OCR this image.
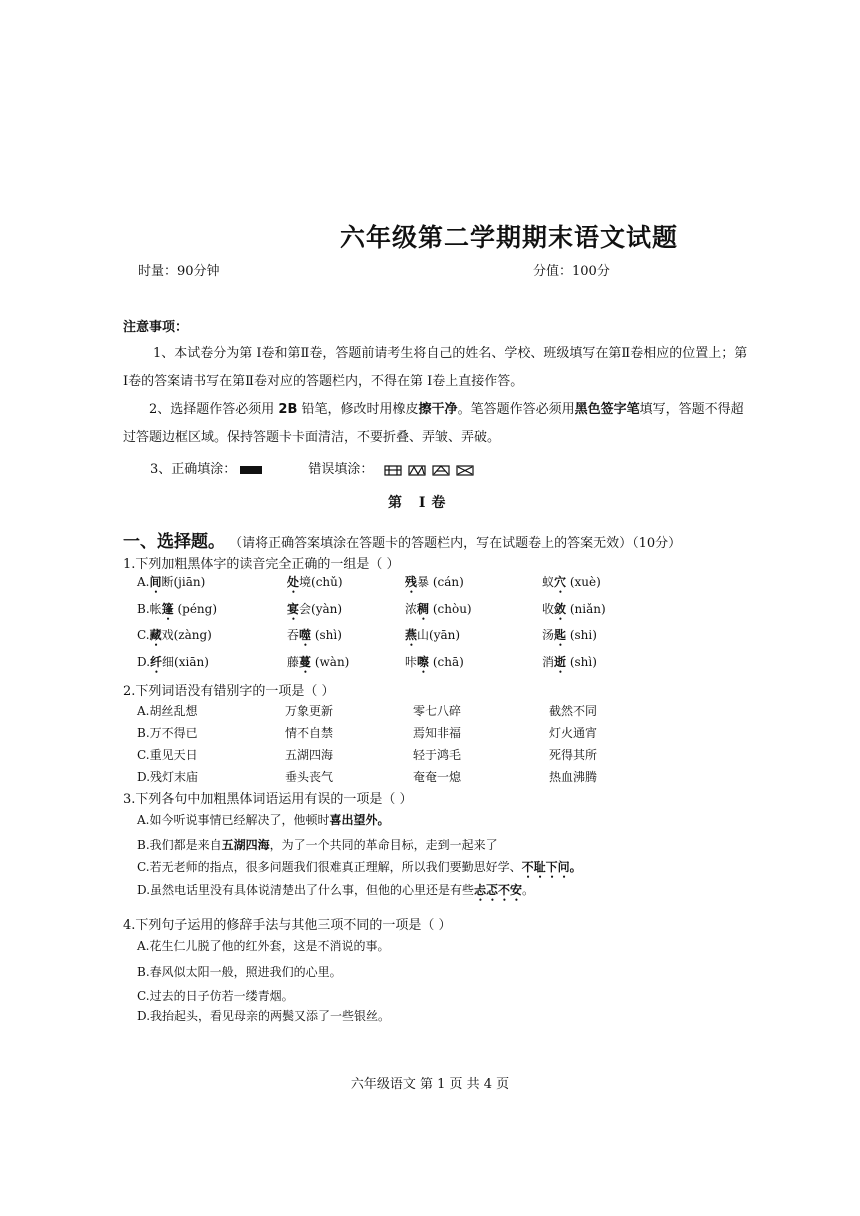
六年级第二学期期末语文试题
时量：90分钟	分值：100分
注意事项：
1、本试卷分为第 Ⅰ卷和第Ⅱ卷，答题前请考生将自己的姓名、学校、班级填写在第Ⅱ卷相应的位置上；第 Ⅰ卷的答案请书写在第Ⅱ卷对应的答题栏内，不得在第 Ⅰ卷上直接作答。
2、选择题作答必须用 2B 铅笔，修改时用橡皮擦干净。笔答题作答必须用黑色签字笔填写，答题不得超过答题边框区域。保持答题卡卡面清洁，不要折叠、弄皱、弄破。
3、正确填涂：	错误填涂：
第 Ⅰ卷
一、选择题。 （请将正确答案填涂在答题卡的答题栏内，写在试题卷上的答案无效）（10分）
1.下列加粗黑体字的读音完全正确的一组是（ ）
A.间断(jiān)	处境(chǔ)	残暴 (cán)	蚁穴 (xuè)
B.帐篷 (péng)	宴会(yàn)	浓稠 (chòu)	收敛 (niǎn)
C.藏戏(zàng)	吞噬 (shì)	燕山(yān)	汤匙 (shi)
D.纤细(xiān)	藤蔓 (wàn)	咔嚓 (chā)	消逝 (shì)
2.下列词语没有错别字的一项是（ ）
A.胡丝乱想	万象更新	零七八碎	截然不同
B.万不得已	情不自禁	焉知非福	灯火通宵
C.重见天日	五湖四海	轻于鸿毛	死得其所
D.残灯末庙	垂头丧气	奄奄一熄	热血沸腾
3.下列各句中加粗黑体词语运用有误的一项是（ ）
A.如今听说事情已经解决了，他顿时喜出望外。
B.我们都是来自五湖四海，为了一个共同的革命目标，走到一起来了
C.若无老师的指点，很多问题我们很难真正理解，所以我们要勤思好学、不耻下问。
D.虽然电话里没有具体说清楚出了什么事，但他的心里还是有些忐忑不安。
4.下列句子运用的修辞手法与其他三项不同的一项是（ ）
A.花生仁儿脱了他的红外套，这是不消说的事。
B.春风似太阳一般，照进我们的心里。
C.过去的日子仿若一缕青烟。
D.我抬起头，看见母亲的两鬓又添了一些银丝。
六年级语文 第 1 页 共 4 页
